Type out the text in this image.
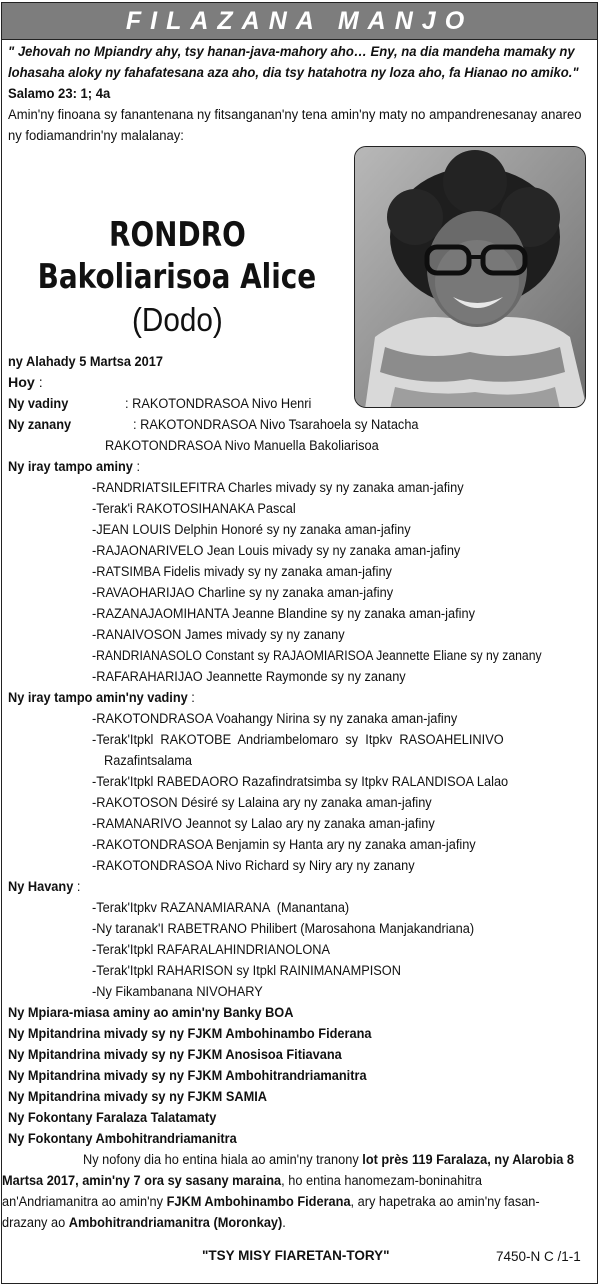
FILAZANA MANJO
" Jehovah no Mpiandry ahy, tsy hanan-java-mahory aho… Eny, na dia mandeha mamaky ny lohasaha aloky ny fahafatesana aza aho, dia tsy hatahotra ny loza aho, fa Hianao no amiko." Salamo 23: 1; 4a
Amin'ny finoana sy fanantenana ny fitsanganan'ny tena amin'ny maty no ampandrenesanay anareo ny fodiamandrin'ny malalanay:
RONDRO
Bakoliarisoa Alice
(Dodo)
ny Alahady 5 Martsa 2017
Hoy :
Ny vadiny	: RAKOTONDRASOA Nivo Henri
Ny zanany	: RAKOTONDRASOA Nivo Tsarahoela sy Natacha
RAKOTONDRASOA Nivo Manuella Bakoliarisoa
Ny iray tampo aminy :
-RANDRIATSILEFITRA Charles mivady sy ny zanaka aman-jafiny
-Terak'i RAKOTOSIHANAKA Pascal
-JEAN LOUIS Delphin Honoré sy ny zanaka aman-jafiny
-RAJAONARIVELO Jean Louis mivady sy ny zanaka aman-jafiny
-RATSIMBA Fidelis mivady sy ny zanaka aman-jafiny
-RAVAOHARIJAO Charline sy ny zanaka aman-jafiny
-RAZANAJAOMIHANTA Jeanne Blandine sy ny zanaka aman-jafiny
-RANAIVOSON James mivady sy ny zanany
-RANDRIANASOLO Constant sy RAJAOMIARISOA Jeannette Eliane sy ny zanany
-RAFARAHARIJAO Jeannette Raymonde sy ny zanany
Ny iray tampo amin'ny vadiny :
-RAKOTONDRASOA Voahangy Nirina sy ny zanaka aman-jafiny
-Terak'Itpkl  RAKOTOBE  Andriambelomaro  sy  Itpkv  RASOAHELINIVO
Razafintsalama
-Terak'Itpkl RABEDAORO Razafindratsimba sy Itpkv RALANDISOA Lalao
-RAKOTOSON Désiré sy Lalaina ary ny zanaka aman-jafiny
-RAMANARIVO Jeannot sy Lalao ary ny zanaka aman-jafiny
-RAKOTONDRASOA Benjamin sy Hanta ary ny zanaka aman-jafiny
-RAKOTONDRASOA Nivo Richard sy Niry ary ny zanany
Ny Havany :
-Terak'Itpkv RAZANAMIARANA  (Manantana)
-Ny taranak'I RABETRANO Philibert (Marosahona Manjakandriana)
-Terak'Itpkl RAFARALAHINDRIANOLONA
-Terak'Itpkl RAHARISON sy Itpkl RAINIMANAMPISON
-Ny Fikambanana NIVOHARY
Ny Mpiara-miasa aminy ao amin'ny Banky BOA
Ny Mpitandrina mivady sy ny FJKM Ambohinambo Fiderana
Ny Mpitandrina mivady sy ny FJKM Anosisoa Fitiavana
Ny Mpitandrina mivady sy ny FJKM Ambohitrandriamanitra
Ny Mpitandrina mivady sy ny FJKM SAMIA
Ny Fokontany Faralaza Talatamaty
Ny Fokontany Ambohitrandriamanitra
Ny nofony dia ho entina hiala ao amin'ny tranony lot près 119 Faralaza, ny Alarobia 8 Martsa 2017, amin'ny 7 ora sy sasany maraina, ho entina hanomezam-boninahitra an'Andriamanitra ao amin'ny FJKM Ambohinambo Fiderana, ary hapetraka ao amin'ny fasan-drazany ao Ambohitrandriamanitra (Moronkay).
"TSY MISY FIARETAN-TORY"	7450-N C /1-1
